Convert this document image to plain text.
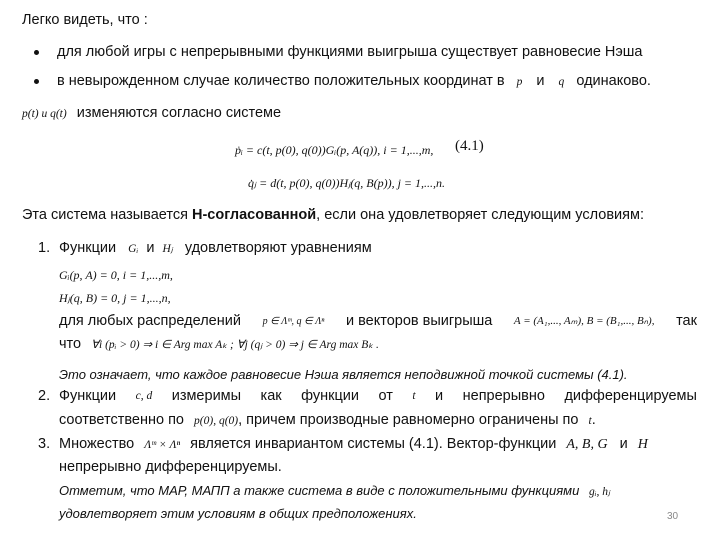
Легко видеть, что :
для любой игры с непрерывными функциями выигрыша существует равновесие Нэша
в невырожденном случае количество положительных координат в p и q одинаково.
p(t) и q(t) изменяются согласно системе
ṗᵢ = c(t, p(0), q(0))Gᵢ(p, A(q)), i = 1,...,m, (4.1)
q̇ⱼ = d(t, p(0), q(0))Hⱼ(q, B(p)), j = 1,...,n.
Эта система называется Н-согласованной, если она удовлетворяет следующим условиям:
1. Функции Gᵢ и Hⱼ удовлетворяют уравнениям
Gᵢ(p, A) = 0, i = 1,...,m,
Hⱼ(q, B) = 0, j = 1,...,n,
для любых распределений p ∈ Λᵐ, q ∈ Λⁿ и векторов выигрыша A = (A₁,..., Aₘ), B = (B₁,..., Bₙ), так
что ∀i (pᵢ > 0) ⇒ i ∈ Arg max Aₖ ; ∀j (qⱼ > 0) ⇒ j ∈ Arg max Bₖ .
Это означает, что каждое равновесие Нэша является неподвижной точкой системы (4.1).
2. Функции c, d измеримы как функции от t и непрерывно дифференцируемы
соответственно по p(0), q(0), причем производные равномерно ограничены по t.
3. Множество Λᵐ × Λⁿ является инвариантом системы (4.1). Вектор-функции A, B, G и H
непрерывно дифференцируемы.
Отметим, что МАР, МАПП а также система в виде с положительными функциями gᵢ, hⱼ
удовлетворяет этим условиям в общих предположениях.	30
